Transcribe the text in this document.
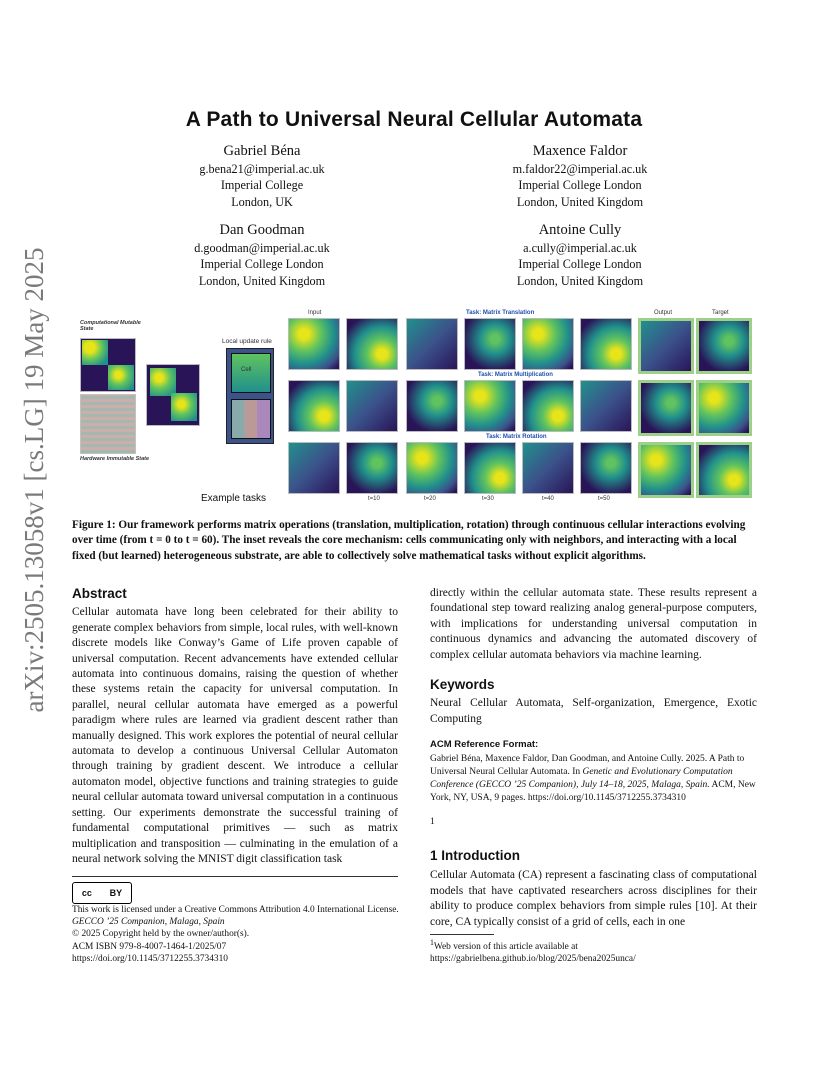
arXiv:2505.13058v1 [cs.LG] 19 May 2025
A Path to Universal Neural Cellular Automata
Gabriel Béna
g.bena21@imperial.ac.uk
Imperial College
London, UK
Maxence Faldor
m.faldor22@imperial.ac.uk
Imperial College London
London, United Kingdom
Dan Goodman
d.goodman@imperial.ac.uk
Imperial College London
London, United Kingdom
Antoine Cully
a.cully@imperial.ac.uk
Imperial College London
London, United Kingdom
Computational Mutable State
Hardware Immutable State
Local update rule
Cell
Example tasks
Input	Output	Target
Task: Matrix Translation
Task: Matrix Multiplication
Task: Matrix Rotation
t=10	t=20	t=30	t=40	t=50
Figure 1: Our framework performs matrix operations (translation, multiplication, rotation) through continuous cellular interactions evolving over time (from t = 0 to t = 60). The inset reveals the core mechanism: cells communicating only with neighbors, and interacting with a local fixed (but learned) heterogeneous substrate, are able to collectively solve mathematical tasks without explicit algorithms.
Abstract
Cellular automata have long been celebrated for their ability to generate complex behaviors from simple, local rules, with well-known discrete models like Conway’s Game of Life proven capable of universal computation. Recent advancements have extended cellular automata into continuous domains, raising the question of whether these systems retain the capacity for universal computation. In parallel, neural cellular automata have emerged as a powerful paradigm where rules are learned via gradient descent rather than manually designed. This work explores the potential of neural cellular automata to develop a continuous Universal Cellular Automaton through training by gradient descent. We introduce a cellular automaton model, objective functions and training strategies to guide neural cellular automata toward universal computation in a continuous setting. Our experiments demonstrate the successful training of fundamental computational primitives — such as matrix multiplication and transposition — culminating in the emulation of a neural network solving the MNIST digit classification task
cc BY
This work is licensed under a Creative Commons Attribution 4.0 International License.
GECCO ’25 Companion, Malaga, Spain
© 2025 Copyright held by the owner/author(s).
ACM ISBN 979-8-4007-1464-1/2025/07
https://doi.org/10.1145/3712255.3734310
directly within the cellular automata state. These results represent a foundational step toward realizing analog general-purpose computers, with implications for understanding universal computation in continuous dynamics and advancing the automated discovery of complex cellular automata behaviors via machine learning.
Keywords
Neural Cellular Automata, Self-organization, Emergence, Exotic Computing
ACM Reference Format:
Gabriel Béna, Maxence Faldor, Dan Goodman, and Antoine Cully. 2025. A Path to Universal Neural Cellular Automata. In Genetic and Evolutionary Computation Conference (GECCO ’25 Companion), July 14–18, 2025, Malaga, Spain. ACM, New York, NY, USA, 9 pages. https://doi.org/10.1145/3712255.3734310
1
1 Introduction
Cellular Automata (CA) represent a fascinating class of computational models that have captivated researchers across disciplines for their ability to produce complex behaviors from simple rules [10]. At their core, CA typically consist of a grid of cells, each in one
$^1$Web version of this article available at https://gabrielbena.github.io/blog/2025/bena2025unca/
